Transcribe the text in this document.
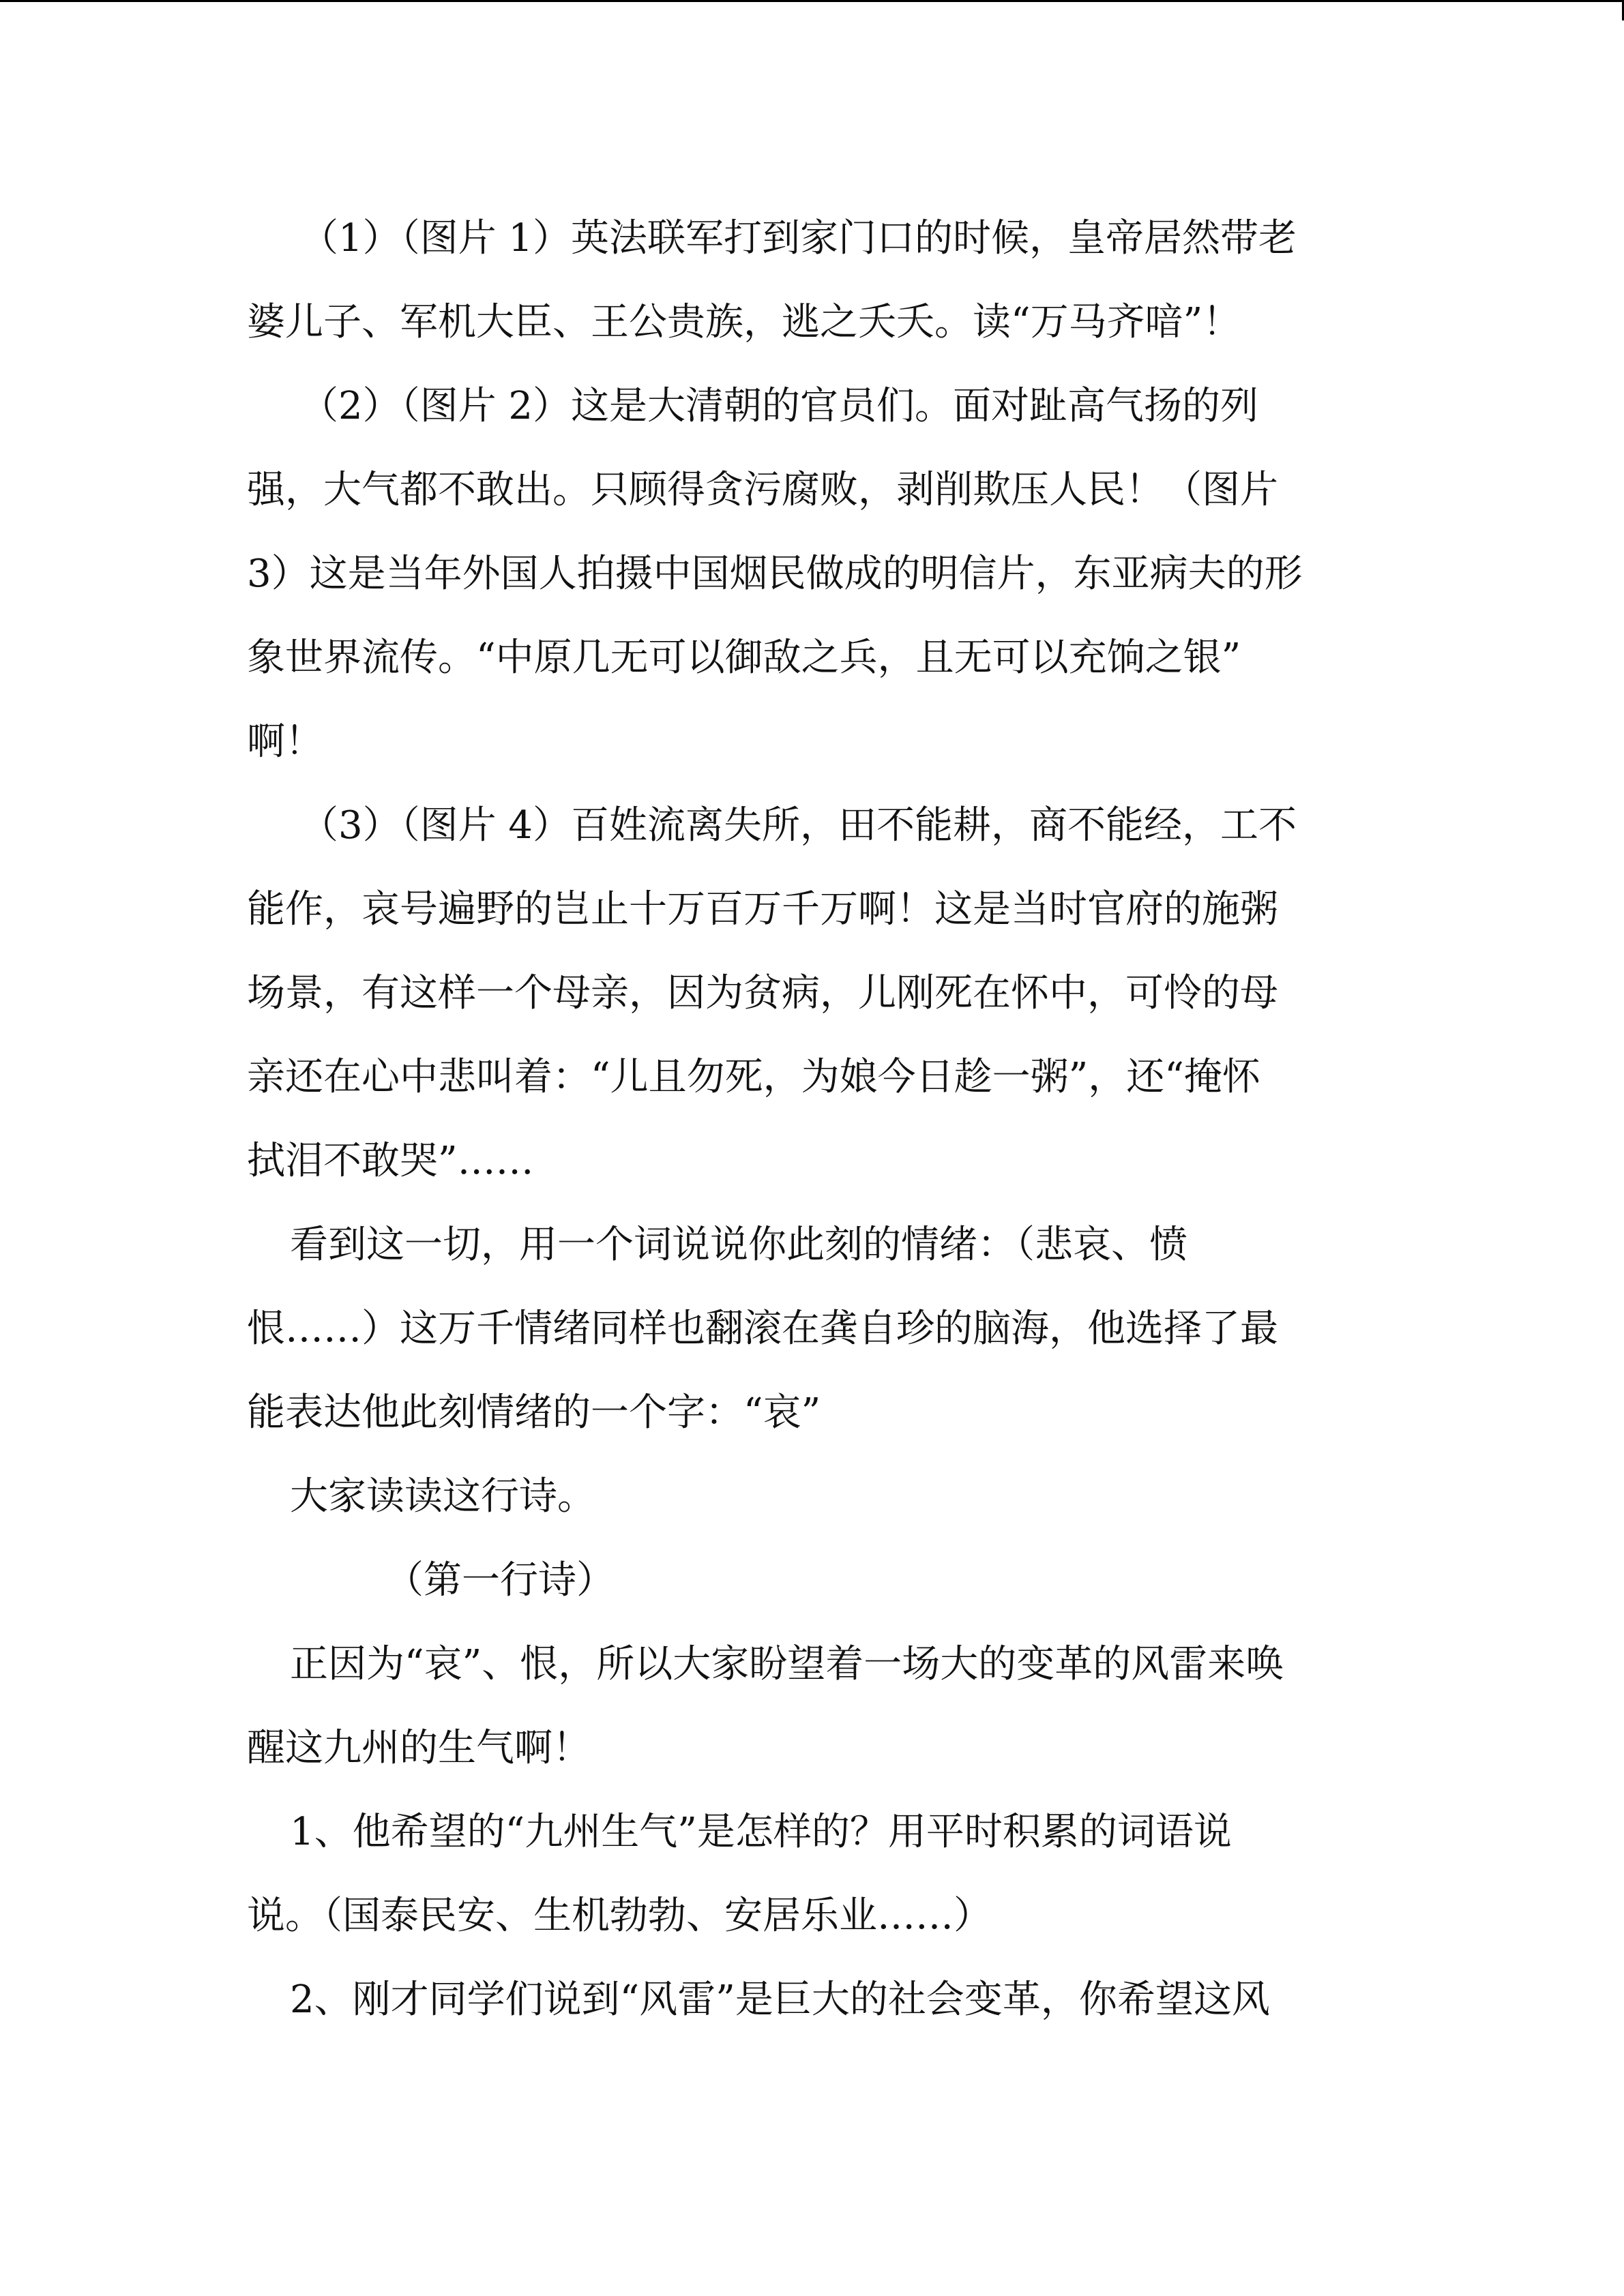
（1）（图片 1）英法联军打到家门口的时候，皇帝居然带老
婆儿子、军机大臣、王公贵族，逃之夭夭。读“万马齐喑”！
（2）（图片 2）这是大清朝的官员们。面对趾高气扬的列
强，大气都不敢出。只顾得贪污腐败，剥削欺压人民！（图片
3）这是当年外国人拍摄中国烟民做成的明信片，东亚病夫的形
象世界流传。“中原几无可以御敌之兵，且无可以充饷之银”
啊！
（3）（图片 4）百姓流离失所，田不能耕，商不能经，工不
能作，哀号遍野的岂止十万百万千万啊！这是当时官府的施粥
场景，有这样一个母亲，因为贫病，儿刚死在怀中，可怜的母
亲还在心中悲叫着：“儿且勿死，为娘今日趁一粥”，还“掩怀
拭泪不敢哭”……
看到这一切，用一个词说说你此刻的情绪：（悲哀、愤
恨……）这万千情绪同样也翻滚在龚自珍的脑海，他选择了最
能表达他此刻情绪的一个字：“哀”
大家读读这行诗。
（第一行诗）
正因为“哀”、恨，所以大家盼望着一场大的变革的风雷来唤
醒这九州的生气啊！
1、他希望的“九州生气”是怎样的？用平时积累的词语说
说。（国泰民安、生机勃勃、安居乐业……）
2、刚才同学们说到“风雷”是巨大的社会变革，你希望这风
